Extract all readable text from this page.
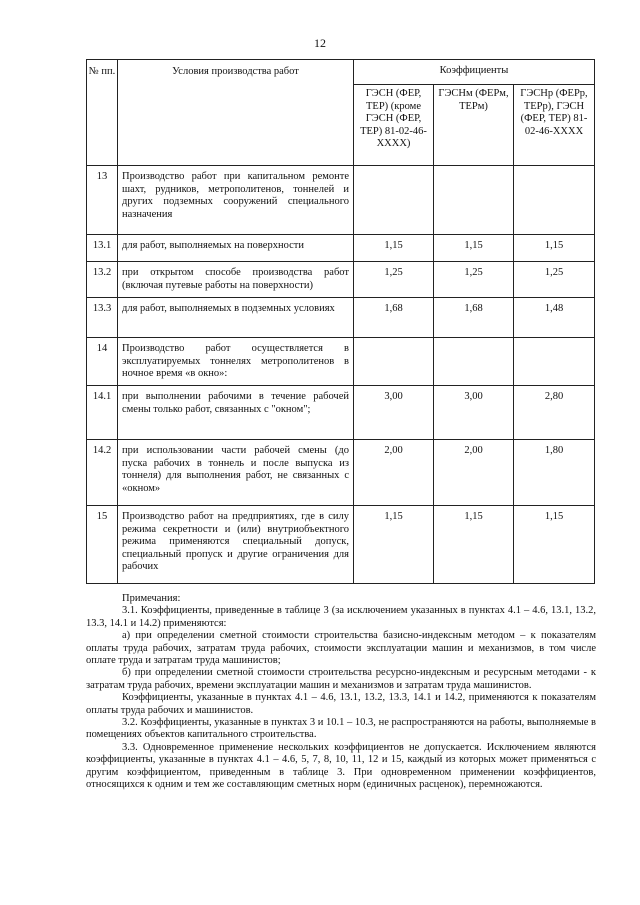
12
№ пп.	Условия производства работ	Коэффициенты		
		ГЭСН (ФЕР, ТЕР) (кроме ГЭСН (ФЕР, ТЕР) 81-02-46-ХХХХ)	ГЭСНм (ФЕРм, ТЕРм)	ГЭСНр (ФЕРр, ТЕРр), ГЭСН (ФЕР, ТЕР) 81-02-46-ХХХХ
13	Производство работ при капитальном ремонте шахт, рудников, метрополитенов, тоннелей и других подземных сооружений специального назначения			
13.1	для работ, выполняемых на поверхности	1,15	1,15	1,15
13.2	при открытом способе производства работ (включая путевые работы на поверхности)	1,25	1,25	1,25
13.3	для работ, выполняемых в подземных условиях	1,68	1,68	1,48
14	Производство работ осуществляется в эксплуатируемых тоннелях метрополитенов в ночное время «в окно»:			
14.1	при выполнении рабочими в течение рабочей смены только работ, связанных с "окном";	3,00	3,00	2,80
14.2	при использовании части рабочей смены (до пуска рабочих в тоннель и после выпуска из тоннеля) для выполнения работ, не связанных с «окном»	2,00	2,00	1,80
15	Производство работ на предприятиях, где в силу режима секретности и (или) внутриобъектного режима применяются специальный допуск, специальный пропуск и другие ограничения для рабочих	1,15	1,15	1,15

Примечания:

3.1. Коэффициенты, приведенные в таблице 3 (за исключением указанных в пунктах 4.1 – 4.6, 13.1, 13.2, 13.3, 14.1 и 14.2) применяются:

а) при определении сметной стоимости строительства базисно-индексным методом – к показателям оплаты труда рабочих, затратам труда рабочих, стоимости эксплуатации машин и механизмов, в том числе оплате труда и затратам труда машинистов;

б) при определении сметной стоимости строительства ресурсно-индексным и ресурсным методами - к затратам труда рабочих, времени эксплуатации машин и механизмов и затратам труда машинистов.

Коэффициенты, указанные в пунктах 4.1 – 4.6, 13.1, 13.2, 13.3, 14.1 и 14.2, применяются к показателям оплаты труда рабочих и машинистов.

3.2. Коэффициенты, указанные в пунктах 3 и 10.1 – 10.3, не распространяются на работы, выполняемые в помещениях объектов капитального строительства.

3.3. Одновременное применение нескольких коэффициентов не допускается. Исключением являются коэффициенты, указанные в пунктах 4.1 – 4.6, 5, 7, 8, 10, 11, 12 и 15, каждый из которых может применяться с другим коэффициентом, приведенным в таблице 3. При одновременном применении коэффициентов, относящихся к одним и тем же составляющим сметных норм (единичных расценок), перемножаются.
